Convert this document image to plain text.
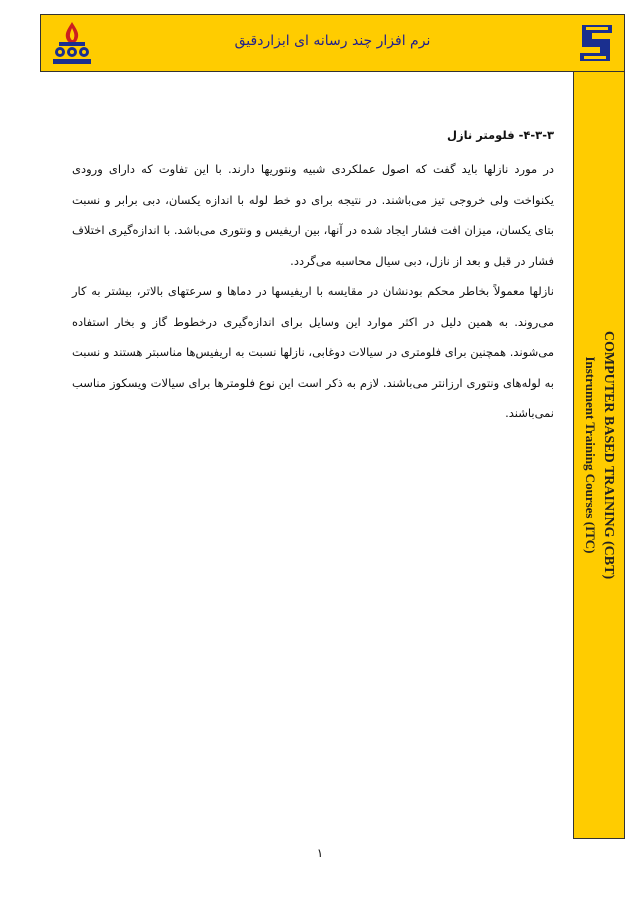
نرم افزار چند رسانه ای ابزاردقیق
COMPUTER BASED TRAINING (CBT)
Instrument Training Courses (ITC)

۴-۳-۳- فلومتر نازل

در مورد نازلها باید گفت که اصول عملکردی شبیه ونتوریها دارند. با این تفاوت که دارای ورودی یکنواخت ولی خروجی تیز می‌باشند. در نتیجه برای دو خط لوله با اندازه یکسان، دبی برابر و نسبت بتای یکسان، میزان افت فشار ایجاد شده در آنها، بین اریفیس و ونتوری می‌باشد. با اندازه‌گیری اختلاف فشار در قبل و بعد از نازل، دبی سیال محاسبه می‌گردد.

نازلها معمولاً بخاطر محکم بودنشان در مقایسه با اریفیسها در دماها و سرعتهای بالاتر، بیشتر به کار می‌روند. به همین دلیل در اکثر موارد این وسایل برای اندازه‌گیری درخطوط گاز و بخار استفاده می‌شوند. همچنین برای فلومتری در سیالات دوغابی، نازلها نسبت به اریفیس‌ها مناسبتر هستند و نسبت به لوله‌های ونتوری ارزانتر می‌باشند. لازم به ذکر است این نوع فلومترها برای سیالات ویسکوز مناسب نمی‌باشند.

۱
